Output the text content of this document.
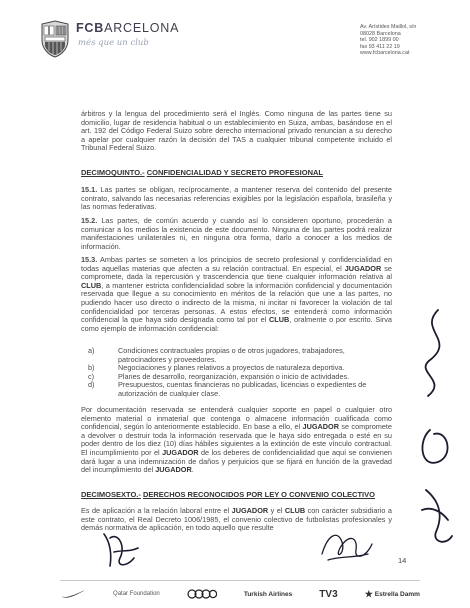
FCBARCELONA
més que un club
Av. Arístides Maillol, s/n
08028 Barcelona
tel. 902 1899 00
fax 93 411 22 19
www.fcbarcelona.cat
árbitros y la lengua del procedimiento será el Inglés. Como ninguna de las partes tiene su domicilio, lugar de residencia habitual o un establecimiento en Suiza, ambas, basándose en el art. 192 del Código Federal Suizo sobre derecho internacional privado renuncian a su derecho a apelar por cualquier razón la decisión del TAS a cualquier tribunal competente incluido el Tribunal Federal Suizo.
DECIMOQUINTO.- CONFIDENCIALIDAD Y SECRETO PROFESIONAL
15.1. Las partes se obligan, recíprocamente, a mantener reserva del contenido del presente contrato, salvando las necesarias referencias exigibles por la legislación española, brasileña y las normas federativas.
15.2. Las partes, de común acuerdo y cuando así lo consideren oportuno, procederán a comunicar a los medios la existencia de este documento. Ninguna de las partes podrá realizar manifestaciones unilaterales ni, en ninguna otra forma, darlo a conocer a los medios de información.
15.3. Ambas partes se someten a los principios de secreto profesional y confidencialidad en todas aquellas materias que afecten a su relación contractual. En especial, el JUGADOR se compromete, dada la repercusión y trascendencia que tiene cualquier información relativa al CLUB, a mantener estricta confidencialidad sobre la información confidencial y documentación reservada que llegue a su conocimiento en méritos de la relación que une a las partes, no pudiendo hacer uso directo o indirecto de la misma, ni incitar ni favorecer la violación de tal confidencialidad por terceras personas. A estos efectos, se entenderá como información confidencial la que haya sido designada como tal por el CLUB, oralmente o por escrito. Sirva como ejemplo de información confidencial:
a)	Condiciones contractuales propias o de otros jugadores, trabajadores, patrocinadores y proveedores.
b)	Negociaciones y planes relativos a proyectos de naturaleza deportiva.
c)	Planes de desarrollo, reorganización, expansión o inicio de actividades.
d)	Presupuestos, cuentas financieras no publicadas, licencias o expedientes de autorización de cualquier clase.
Por documentación reservada se entenderá cualquier soporte en papel o cualquier otro elemento material o inmaterial que contenga o almacene información cualificada como confidencial, según lo anteriormente establecido. En base a ello, el JUGADOR se compromete a devolver o destruir toda la información reservada que le haya sido entregada o esté en su poder dentro de los diez (10) días hábiles siguientes a la extinción de este vínculo contractual. El incumplimiento por el JUGADOR de los deberes de confidencialidad que aquí se convienen dará lugar a una indemnización de daños y perjuicios que se fijará en función de la gravedad del incumplimiento del JUGADOR.
DECIMOSEXTO.- DERECHOS RECONOCIDOS POR LEY O CONVENIO COLECTIVO
Es de aplicación a la relación laboral entre el JUGADOR y el CLUB con carácter subsidiario a este contrato, el Real Decreto 1006/1985, el convenio colectivo de futbolistas profesionales y demás normativa de aplicación, en todo aquello que resulte
14
Qatar Foundation	Turkish Airlines	TV3	★ Estrella Damm
